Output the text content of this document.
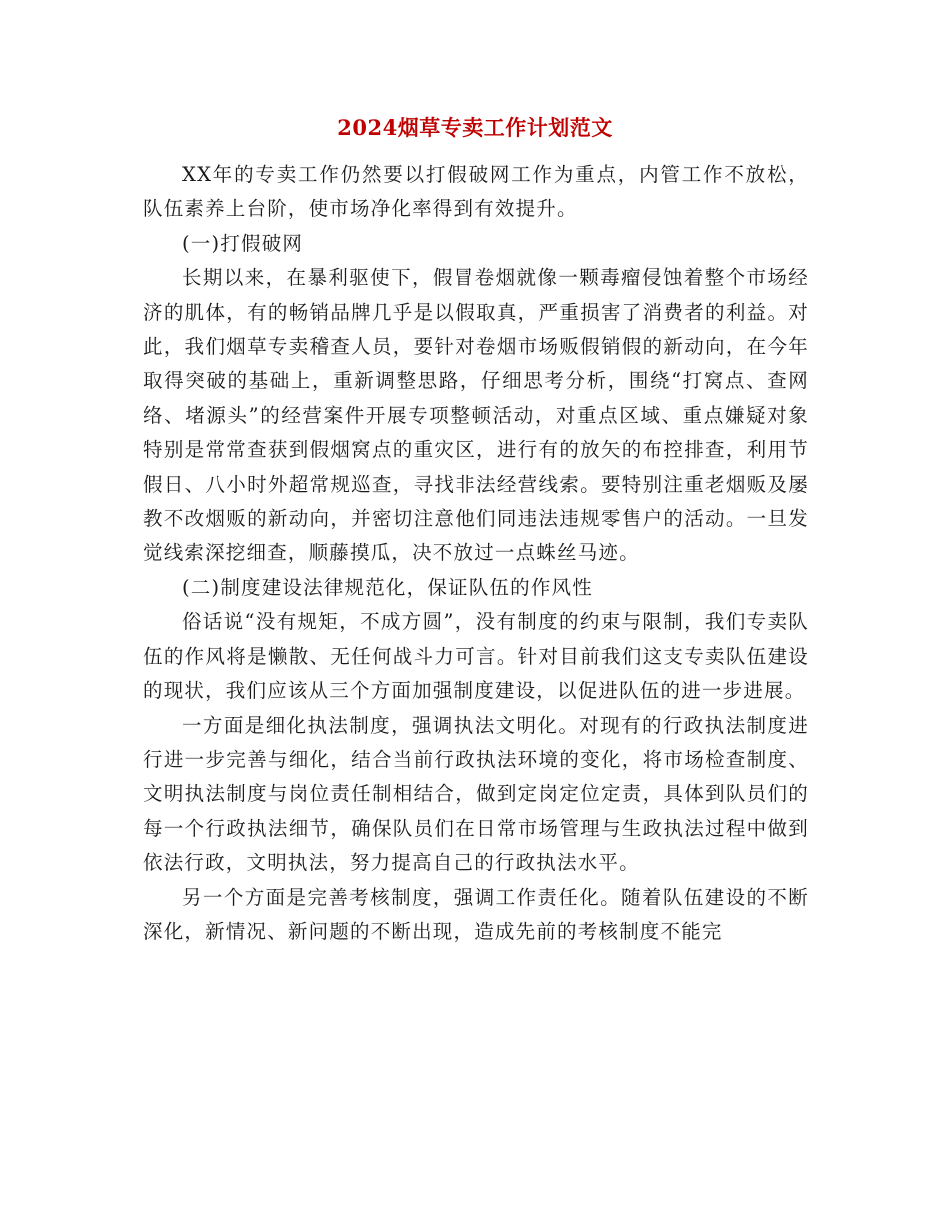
2024烟草专卖工作计划范文

XX年的专卖工作仍然要以打假破网工作为重点，内管工作不放松，队伍素养上台阶，使市场净化率得到有效提升。

(一)打假破网

长期以来，在暴利驱使下，假冒卷烟就像一颗毒瘤侵蚀着整个市场经济的肌体，有的畅销品牌几乎是以假取真，严重损害了消费者的利益。对此，我们烟草专卖稽查人员，要针对卷烟市场贩假销假的新动向，在今年取得突破的基础上，重新调整思路，仔细思考分析，围绕“打窝点、查网络、堵源头”的经营案件开展专项整顿活动，对重点区域、重点嫌疑对象特别是常常查获到假烟窝点的重灾区，进行有的放矢的布控排查，利用节假日、八小时外超常规巡查，寻找非法经营线索。要特别注重老烟贩及屡教不改烟贩的新动向，并密切注意他们同违法违规零售户的活动。一旦发觉线索深挖细查，顺藤摸瓜，决不放过一点蛛丝马迹。

(二)制度建设法律规范化，保证队伍的作风性

俗话说“没有规矩，不成方圆”，没有制度的约束与限制，我们专卖队伍的作风将是懒散、无任何战斗力可言。针对目前我们这支专卖队伍建设的现状，我们应该从三个方面加强制度建设，以促进队伍的进一步进展。

一方面是细化执法制度，强调执法文明化。对现有的行政执法制度进行进一步完善与细化，结合当前行政执法环境的变化，将市场检查制度、文明执法制度与岗位责任制相结合，做到定岗定位定责，具体到队员们的每一个行政执法细节，确保队员们在日常市场管理与生政执法过程中做到依法行政，文明执法，努力提高自己的行政执法水平。

另一个方面是完善考核制度，强调工作责任化。随着队伍建设的不断深化，新情况、新问题的不断出现，造成先前的考核制度不能完
